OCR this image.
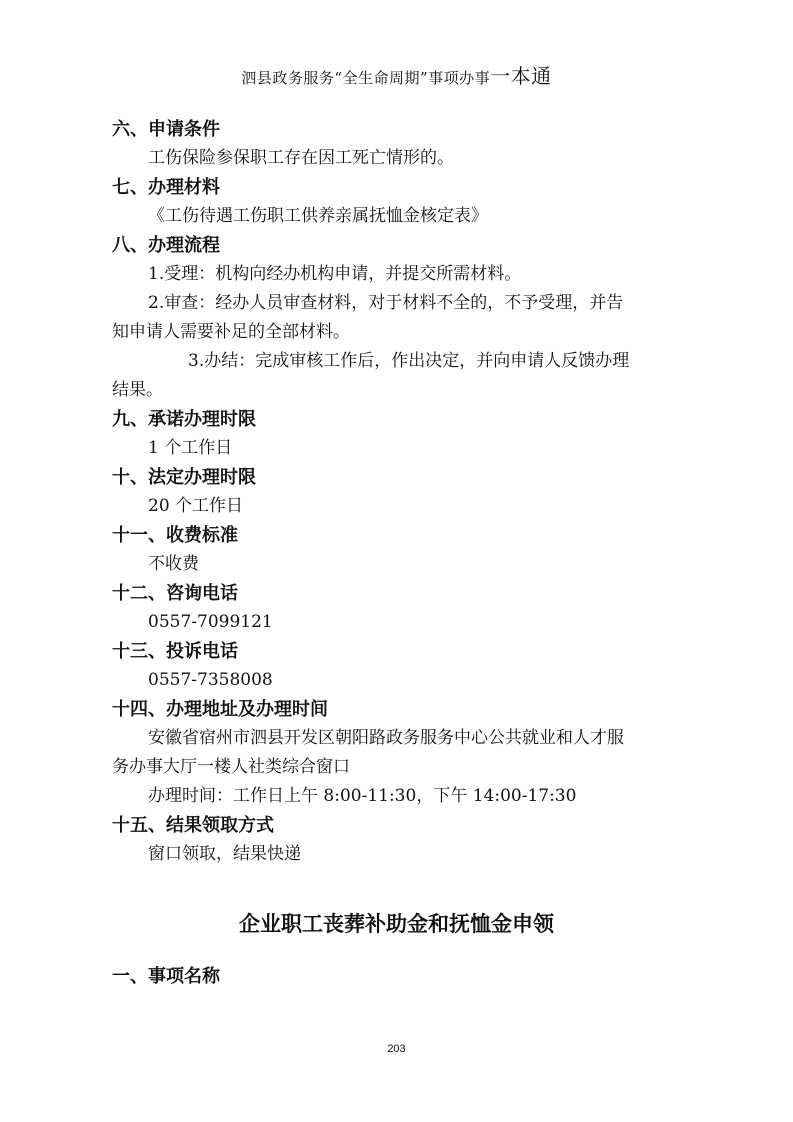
泗县政务服务“全生命周期”事项办事一本通

六、申请条件

工伤保险参保职工存在因工死亡情形的。

七、办理材料

《工伤待遇工伤职工供养亲属抚恤金核定表》

八、办理流程

1.受理：机构向经办机构申请，并提交所需材料。

2.审查：经办人员审查材料，对于材料不全的，不予受理，并告

知申请人需要补足的全部材料。

3.办结：完成审核工作后，作出决定，并向申请人反馈办理

结果。

九、承诺办理时限

1 个工作日

十、法定办理时限

20 个工作日

十一、收费标准

不收费

十二、咨询电话

0557-7099121

十三、投诉电话

0557-7358008

十四、办理地址及办理时间

安徽省宿州市泗县开发区朝阳路政务服务中心公共就业和人才服

务办事大厅一楼人社类综合窗口

办理时间：工作日上午 8:00-11:30，下午 14:00-17:30

十五、结果领取方式

窗口领取，结果快递

企业职工丧葬补助金和抚恤金申领

一、事项名称

203
